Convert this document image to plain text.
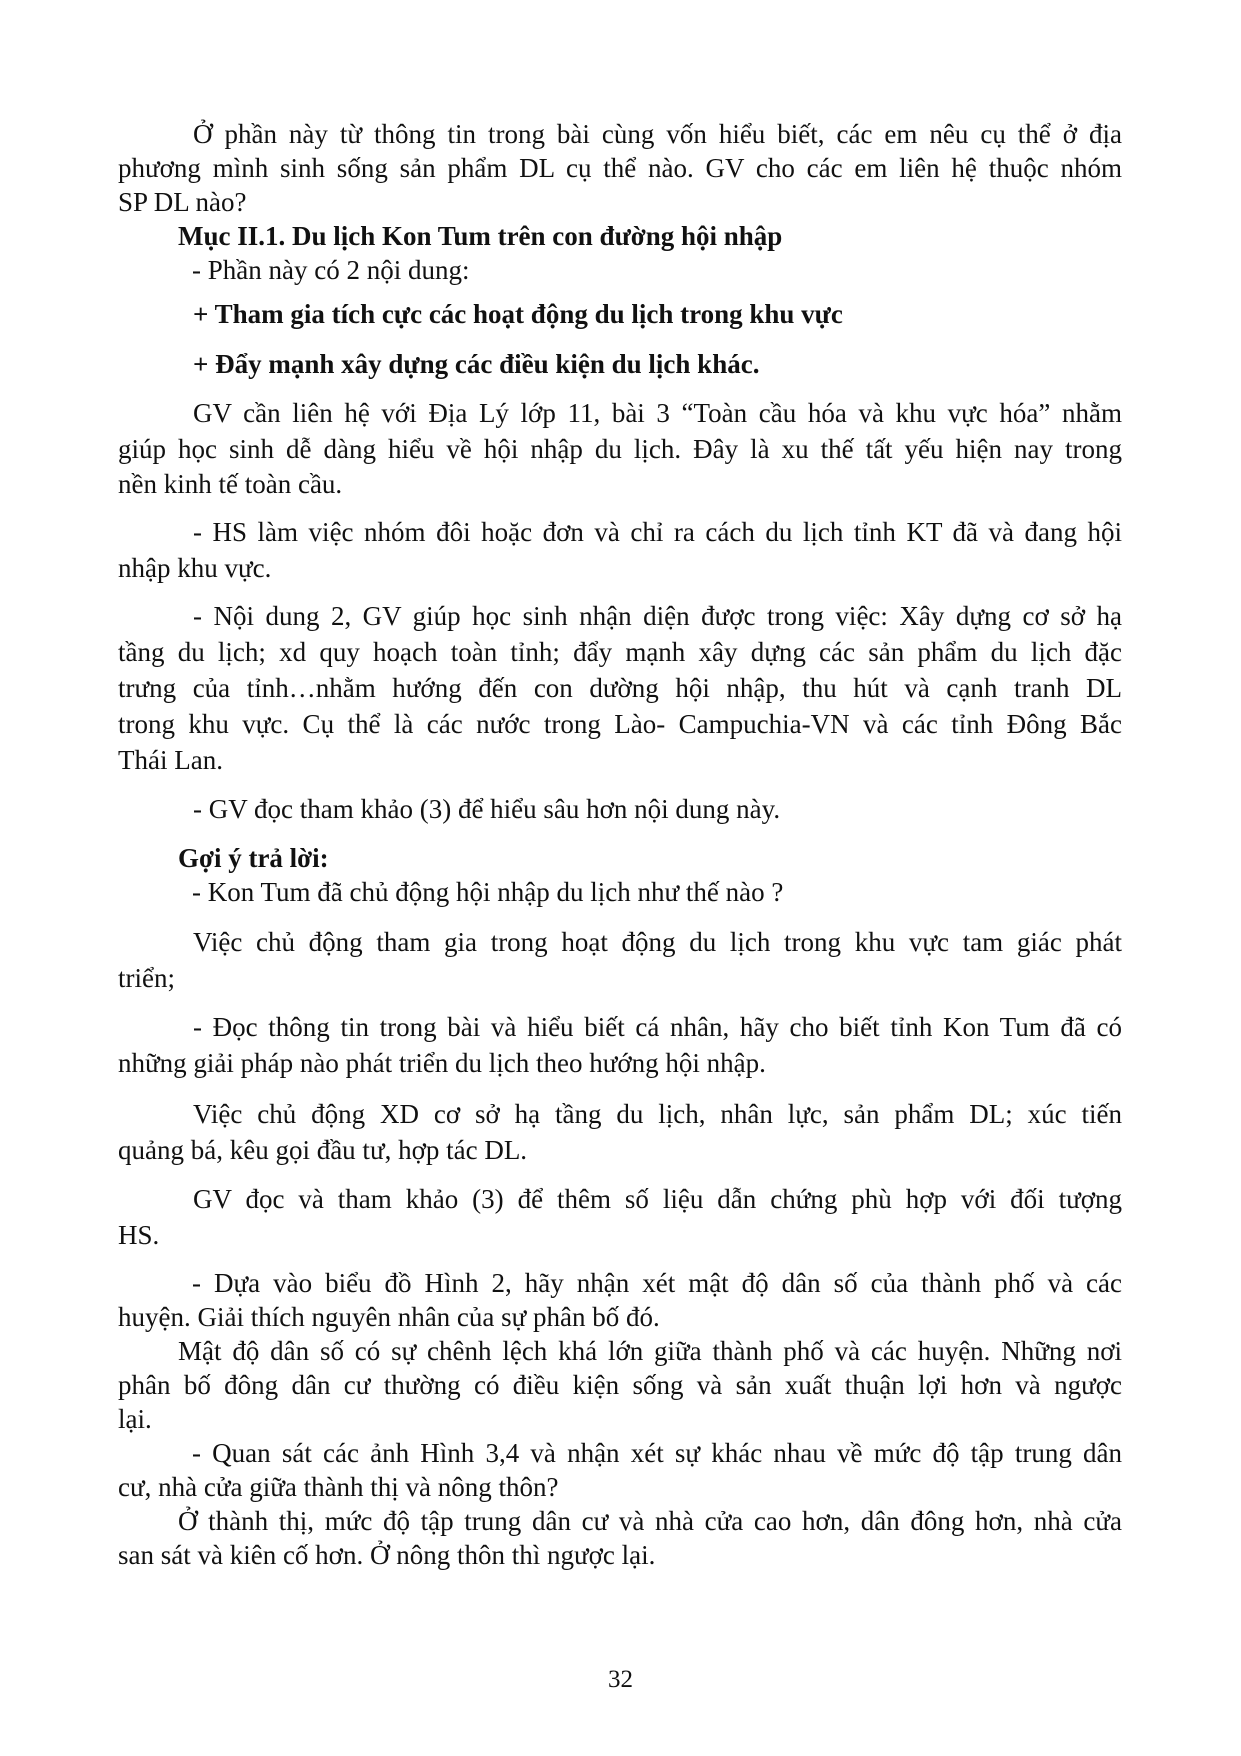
Ở phần này từ thông tin trong bài cùng vốn hiểu biết, các em nêu cụ thể ở địa

phương mình sinh sống sản phẩm DL cụ thể nào. GV cho các em liên hệ thuộc nhóm

SP DL nào?

Mục II.1. Du lịch Kon Tum trên con đường hội nhập

- Phần này có 2 nội dung:

+ Tham gia tích cực các hoạt động du lịch trong khu vực

+ Đẩy mạnh xây dựng các điều kiện du lịch khác.

GV cần liên hệ với Địa Lý lớp 11, bài 3 “Toàn cầu hóa và khu vực hóa” nhằm

giúp học sinh dễ dàng hiểu về hội nhập du lịch. Đây là xu thế tất yếu hiện nay trong

nền kinh tế toàn cầu.

- HS làm việc nhóm đôi hoặc đơn và chỉ ra cách du lịch tỉnh KT đã và đang hội

nhập khu vực.

- Nội dung 2, GV giúp học sinh nhận diện được trong việc: Xây dựng cơ sở hạ

tầng du lịch; xd quy hoạch toàn tỉnh; đẩy mạnh xây dựng các sản phẩm du lịch đặc

trưng của tỉnh…nhằm hướng đến con dường hội nhập, thu hút và cạnh tranh DL

trong khu vực. Cụ thể là các nước trong Lào- Campuchia-VN và các tỉnh Đông Bắc

Thái Lan.

- GV đọc tham khảo (3) để hiểu sâu hơn nội dung này.

Gợi ý trả lời:

- Kon Tum đã chủ động hội nhập du lịch như thế nào ?

Việc chủ động tham gia trong hoạt động du lịch trong khu vực tam giác phát

triển;

- Đọc thông tin trong bài và hiểu biết cá nhân, hãy cho biết tỉnh Kon Tum đã có

những giải pháp nào phát triển du lịch theo hướng hội nhập.

Việc chủ động XD cơ sở hạ tầng du lịch, nhân lực, sản phẩm DL; xúc tiến

quảng bá, kêu gọi đầu tư, hợp tác DL.

GV đọc và tham khảo (3) để thêm số liệu dẫn chứng phù hợp với đối tượng

HS.

- Dựa vào biểu đồ Hình 2, hãy nhận xét mật độ dân số của thành phố và các

huyện. Giải thích nguyên nhân của sự phân bố đó.

Mật độ dân số có sự chênh lệch khá lớn giữa thành phố và các huyện. Những nơi

phân bố đông dân cư thường có điều kiện sống và sản xuất thuận lợi hơn và ngược

lại.

- Quan sát các ảnh Hình 3,4 và nhận xét sự khác nhau về mức độ tập trung dân

cư, nhà cửa giữa thành thị và nông thôn?

Ở thành thị, mức độ tập trung dân cư và nhà cửa cao hơn, dân đông hơn, nhà cửa

san sát và kiên cố hơn. Ở nông thôn thì ngược lại.

32
